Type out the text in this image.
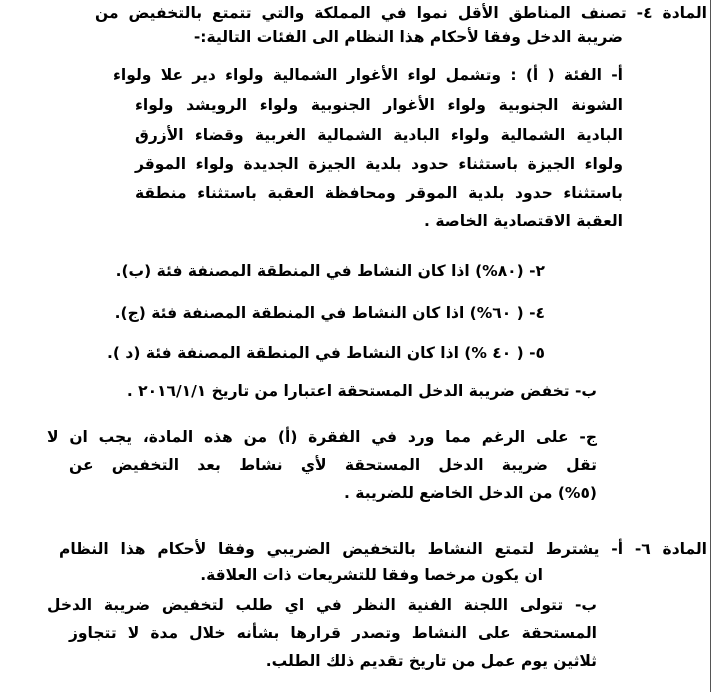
المادة ٤- تصنف المناطق الأقل نموا في المملكة والتي تتمتع بالتخفيض من
ضريبة الدخل وفقا لأحكام هذا النظام الى الفئات التالية:-
أ- الفئة ( أ) : وتشمل لواء الأغوار الشمالية ولواء دير علا ولواء
الشونة الجنوبية ولواء الأغوار الجنوبية ولواء الرويشد ولواء
البادية الشمالية ولواء البادية الشمالية الغربية وقضاء الأزرق
ولواء الجيزة باستثناء حدود بلدية الجيزة الجديدة ولواء الموقر
باستثناء حدود بلدية الموقر ومحافظة العقبة باستثناء منطقة
العقبة الاقتصادية الخاصة .
٢- (٨٠%) اذا كان النشاط في المنطقة المصنفة فئة (ب).
٤- ( ٦٠%) اذا كان النشاط في المنطقة المصنفة فئة (ج).
٥- ( ٤٠ %) اذا كان النشاط في المنطقة المصنفة فئة (د ).
ب- تخفض ضريبة الدخل المستحقة اعتبارا من تاريخ ٢٠١٦/١/١ .
ج- على الرغم مما ورد في الفقرة (أ) من هذه المادة، يجب ان لا
تقل ضريبة الدخل المستحقة لأي نشاط بعد التخفيض عن
(٥%) من الدخل الخاضع للضريبة .
المادة ٦- أ- يشترط لتمتع النشاط بالتخفيض الضريبي وفقا لأحكام هذا النظام
ان يكون مرخصا وفقا للتشريعات ذات العلاقة.
ب- تتولى اللجنة الفنية النظر في اي طلب لتخفيض ضريبة الدخل
المستحقة على النشاط وتصدر قرارها بشأنه خلال مدة لا تتجاوز
ثلاثين يوم عمل من تاريخ تقديم ذلك الطلب.
